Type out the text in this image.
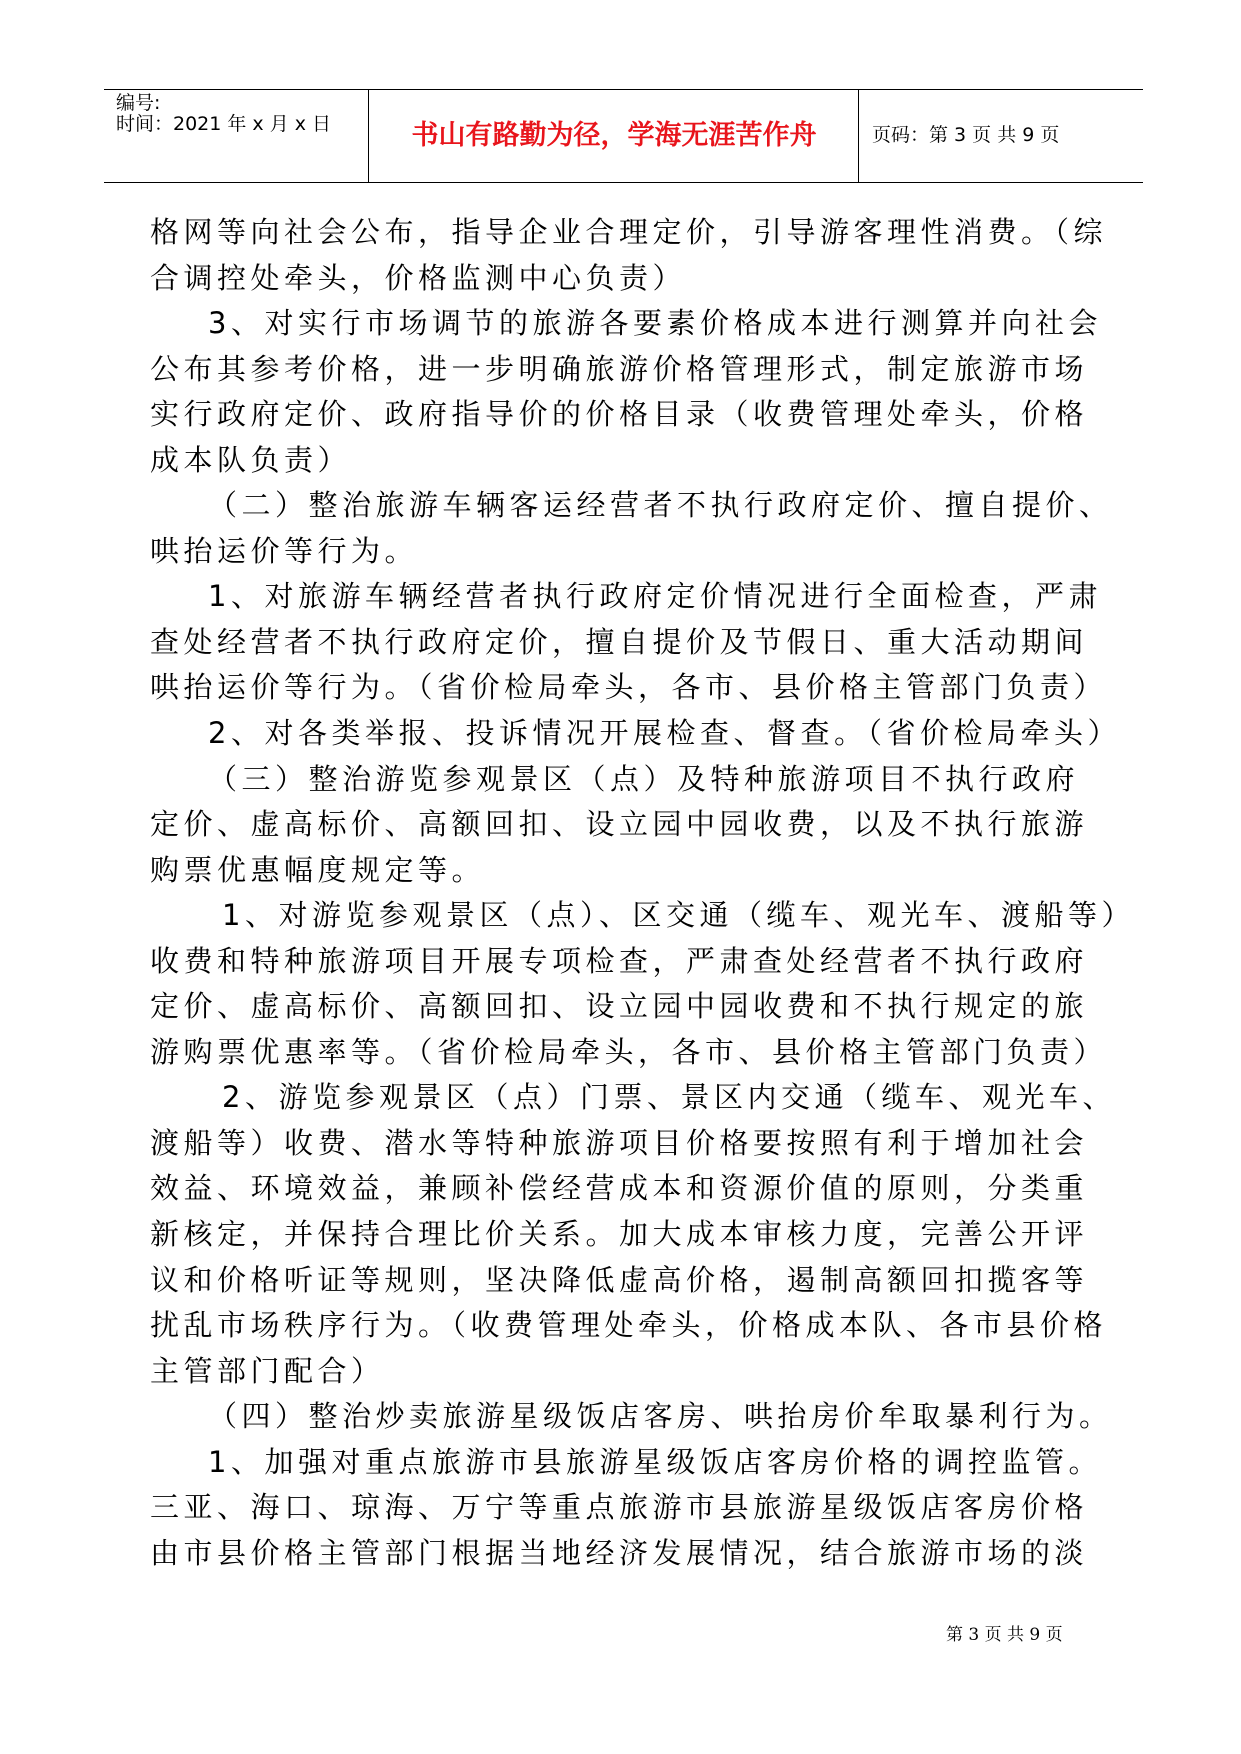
编号:
时间：2021 年 x 月 x 日	书山有路勤为径，学海无涯苦作舟	页码：第 3 页 共 9 页
格网等向社会公布，指导企业合理定价，引导游客理性消费。（综
合调控处牵头，价格监测中心负责）
3、对实行市场调节的旅游各要素价格成本进行测算并向社会
公布其参考价格，进一步明确旅游价格管理形式，制定旅游市场
实行政府定价、政府指导价的价格目录（收费管理处牵头，价格
成本队负责）
（二）整治旅游车辆客运经营者不执行政府定价、擅自提价、
哄抬运价等行为。
1、对旅游车辆经营者执行政府定价情况进行全面检查，严肃
查处经营者不执行政府定价，擅自提价及节假日、重大活动期间
哄抬运价等行为。（省价检局牵头，各市、县价格主管部门负责）
2、对各类举报、投诉情况开展检查、督查。（省价检局牵头）
（三）整治游览参观景区（点）及特种旅游项目不执行政府
定价、虚高标价、高额回扣、设立园中园收费，以及不执行旅游
购票优惠幅度规定等。
1、对游览参观景区（点）、区交通（缆车、观光车、渡船等）
收费和特种旅游项目开展专项检查，严肃查处经营者不执行政府
定价、虚高标价、高额回扣、设立园中园收费和不执行规定的旅
游购票优惠率等。（省价检局牵头，各市、县价格主管部门负责）
2、游览参观景区（点）门票、景区内交通（缆车、观光车、
渡船等）收费、潜水等特种旅游项目价格要按照有利于增加社会
效益、环境效益，兼顾补偿经营成本和资源价值的原则，分类重
新核定，并保持合理比价关系。加大成本审核力度，完善公开评
议和价格听证等规则，坚决降低虚高价格，遏制高额回扣揽客等
扰乱市场秩序行为。（收费管理处牵头，价格成本队、各市县价格
主管部门配合）
（四）整治炒卖旅游星级饭店客房、哄抬房价牟取暴利行为。
1、加强对重点旅游市县旅游星级饭店客房价格的调控监管。
三亚、海口、琼海、万宁等重点旅游市县旅游星级饭店客房价格
由市县价格主管部门根据当地经济发展情况，结合旅游市场的淡
第 3 页 共 9 页
